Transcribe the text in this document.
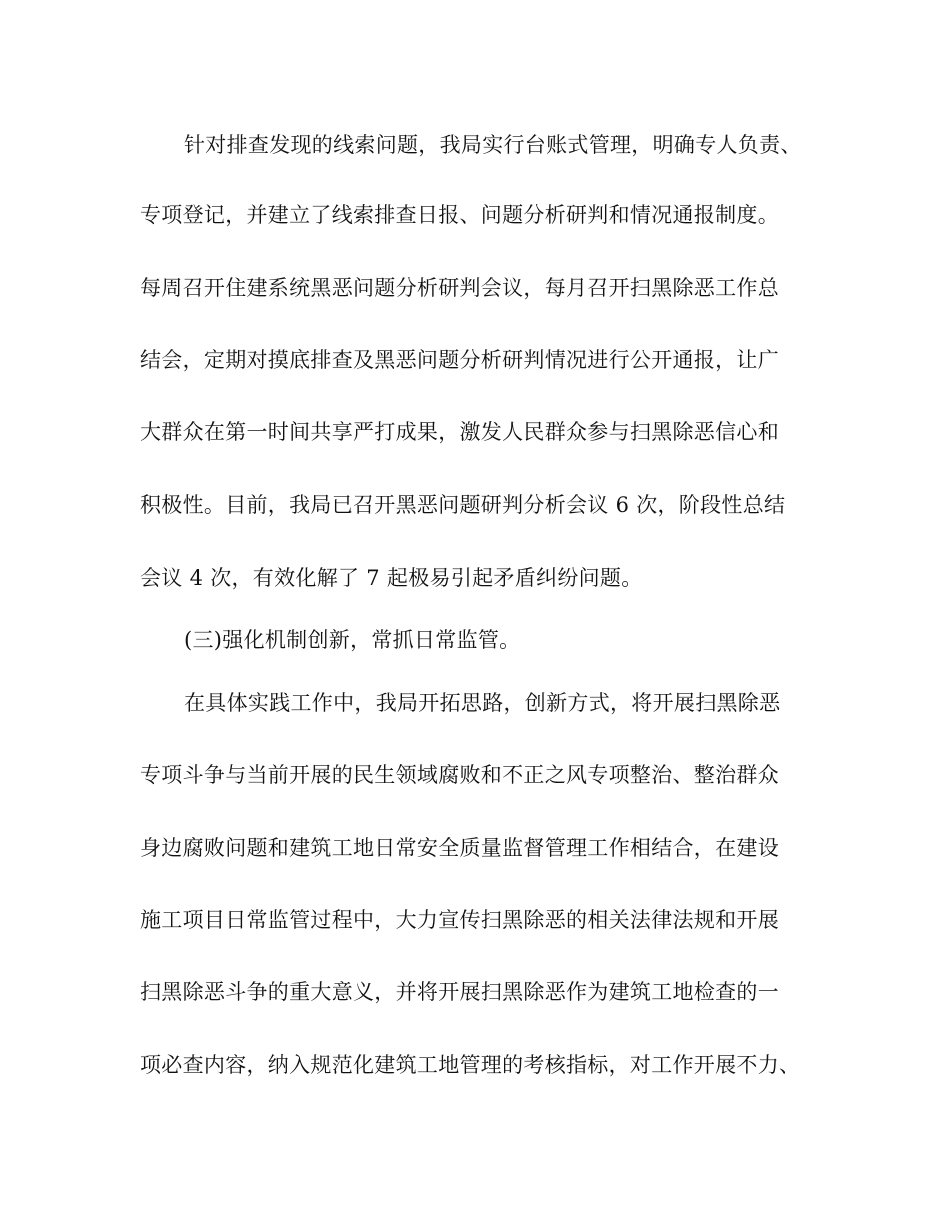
针对排查发现的线索问题，我局实行台账式管理，明确专人负责、
专项登记，并建立了线索排查日报、问题分析研判和情况通报制度。
每周召开住建系统黑恶问题分析研判会议，每月召开扫黑除恶工作总
结会，定期对摸底排查及黑恶问题分析研判情况进行公开通报，让广
大群众在第一时间共享严打成果，激发人民群众参与扫黑除恶信心和
积极性。目前，我局已召开黑恶问题研判分析会议 6 次，阶段性总结
会议 4 次，有效化解了 7 起极易引起矛盾纠纷问题。
(三)强化机制创新，常抓日常监管。
在具体实践工作中，我局开拓思路，创新方式，将开展扫黑除恶
专项斗争与当前开展的民生领域腐败和不正之风专项整治、整治群众
身边腐败问题和建筑工地日常安全质量监督管理工作相结合，在建设
施工项目日常监管过程中，大力宣传扫黑除恶的相关法律法规和开展
扫黑除恶斗争的重大意义，并将开展扫黑除恶作为建筑工地检查的一
项必查内容，纳入规范化建筑工地管理的考核指标，对工作开展不力、
